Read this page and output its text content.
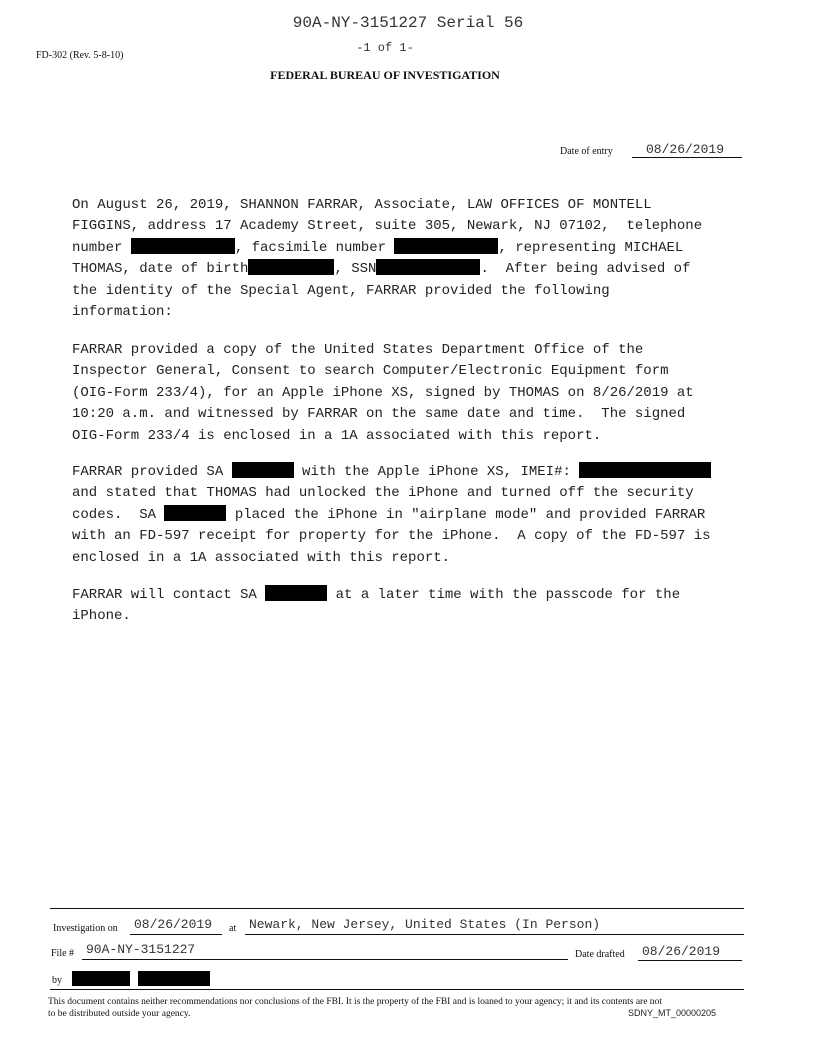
90A-NY-3151227 Serial 56
-1 of 1-
FD-302 (Rev. 5-8-10)
FEDERAL BUREAU OF INVESTIGATION
Date of entry	08/26/2019
On August 26, 2019, SHANNON FARRAR, Associate, LAW OFFICES OF MONTELL
FIGGINS, address 17 Academy Street, suite 305, Newark, NJ 07102,  telephone
number	, facsimile number	, representing MICHAEL
THOMAS, date of birth	, SSN	.  After being advised of
the identity of the Special Agent, FARRAR provided the following
information:
FARRAR provided a copy of the United States Department Office of the
Inspector General, Consent to search Computer/Electronic Equipment form
(OIG-Form 233/4), for an Apple iPhone XS, signed by THOMAS on 8/26/2019 at
10:20 a.m. and witnessed by FARRAR on the same date and time.  The signed
OIG-Form 233/4 is enclosed in a 1A associated with this report.
FARRAR provided SA	with the Apple iPhone XS, IMEI#:
and stated that THOMAS had unlocked the iPhone and turned off the security
codes.  SA	placed the iPhone in "airplane mode" and provided FARRAR
with an FD-597 receipt for property for the iPhone.  A copy of the FD-597 is
enclosed in a 1A associated with this report.
FARRAR will contact SA	at a later time with the passcode for the
iPhone.
Investigation on	08/26/2019	at Newark, New Jersey, United States (In Person)
File # 90A-NY-3151227	Date drafted	08/26/2019
by
This document contains neither recommendations nor conclusions of the FBI. It is the property of the FBI and is loaned to your agency; it and its contents are not
to be distributed outside your agency.	SDNY_MT_00000205
